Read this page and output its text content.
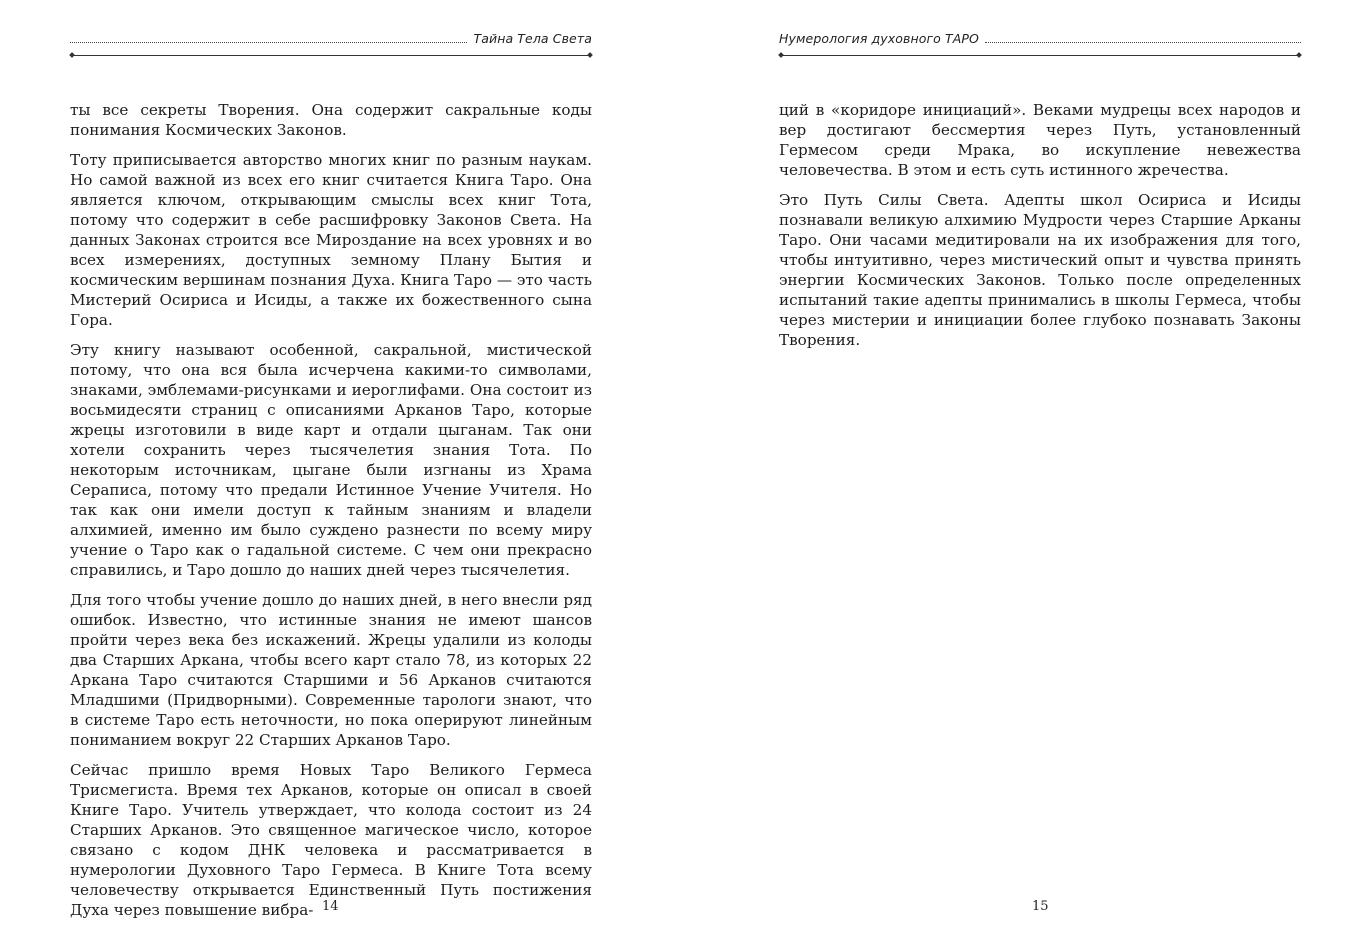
Тайна Тела Света

ты все секреты Творения. Она содержит сакральные коды понимания Космических Законов.

Тоту приписывается авторство многих книг по разным наукам. Но самой важной из всех его книг считается Книга Таро. Она является ключом, открывающим смыслы всех книг Тота, потому что содержит в себе расшифровку Законов Света. На данных Законах строится все Мироздание на всех уровнях и во всех измерениях, доступных земному Плану Бытия и космическим вершинам познания Духа. Книга Таро — это часть Мистерий Осириса и Исиды, а также их божественного сына Гора.

Эту книгу называют особенной, сакральной, мистической потому, что она вся была исчерчена какими-то символами, знаками, эмблемами-рисунками и иероглифами. Она состоит из восьмидесяти страниц с описаниями Арканов Таро, которые жрецы изготовили в виде карт и отдали цыганам. Так они хотели сохранить через тысячелетия знания Тота. По некоторым источникам, цыгане были изгнаны из Храма Сераписа, потому что предали Истинное Учение Учителя. Но так как они имели доступ к тайным знаниям и владели алхимией, именно им было суждено разнести по всему миру учение о Таро как о гадальной системе. С чем они прекрасно справились, и Таро дошло до наших дней через тысячелетия.

Для того чтобы учение дошло до наших дней, в него внесли ряд ошибок. Известно, что истинные знания не имеют шансов пройти через века без искажений. Жрецы удалили из колоды два Старших Аркана, чтобы всего карт стало 78, из которых 22 Аркана Таро считаются Старшими и 56 Арканов считаются Младшими (Придворными). Современные тарологи знают, что в системе Таро есть неточности, но пока оперируют линейным пониманием вокруг 22 Старших Арканов Таро.

Сейчас пришло время Новых Таро Великого Гермеса Трисмегиста. Время тех Арканов, которые он описал в своей Книге Таро. Учитель утверждает, что колода состоит из 24 Старших Арканов. Это священное магическое число, которое связано с кодом ДНК человека и рассматривается в нумерологии Духовного Таро Гермеса. В Книге Тота всему человечеству открывается Единственный Путь постижения Духа через повышение вибра- 14
Нумерология духовного ТАРО

ций в «коридоре инициаций». Веками мудрецы всех народов и вер достигают бессмертия через Путь, установленный Гермесом среди Мрака, во искупление невежества человечества. В этом и есть суть истинного жречества.

Это Путь Силы Света. Адепты школ Осириса и Исиды познавали великую алхимию Мудрости через Старшие Арканы Таро. Они часами медитировали на их изображения для того, чтобы интуитивно, через мистический опыт и чувства принять энергии Космических Законов. Только после определенных испытаний такие адепты принимались в школы Гермеса, чтобы через мистерии и инициации более глубоко познавать Законы Творения.

15
